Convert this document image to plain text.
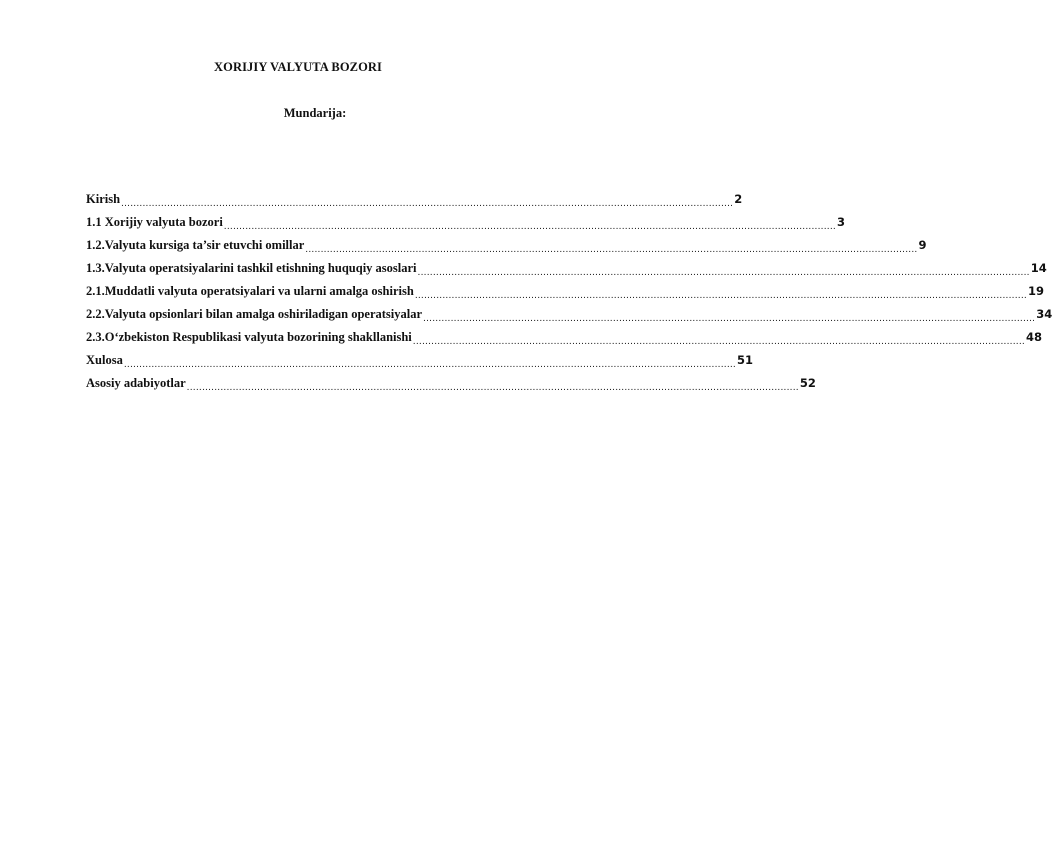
XORIJIY VALYUTA BOZORI
Mundarija:
Kirish ........................................................................................................................................................................................................ 2
1.1 Xorijiy valyuta bozori ........................................................................................................................................................................................................ 3
1.2.Valyuta kursiga ta’sir etuvchi omillar ........................................................................................................................................................................................................ 9
1.3.Valyuta operatsiyalarini tashkil etishning huquqiy asoslari ........................................................................................................................................................................................................ 14
2.1.Muddatli valyuta operatsiyalari va ularni amalga oshirish ........................................................................................................................................................................................................ 19
2.2.Valyuta opsionlari bilan amalga oshiriladigan operatsiyalar ........................................................................................................................................................................................................ 34
2.3.O‘zbekiston Respublikasi valyuta bozorining shakllanishi ........................................................................................................................................................................................................ 48
Xulosa ........................................................................................................................................................................................................ 51
Asosiy adabiyotlar ........................................................................................................................................................................................................ 52
